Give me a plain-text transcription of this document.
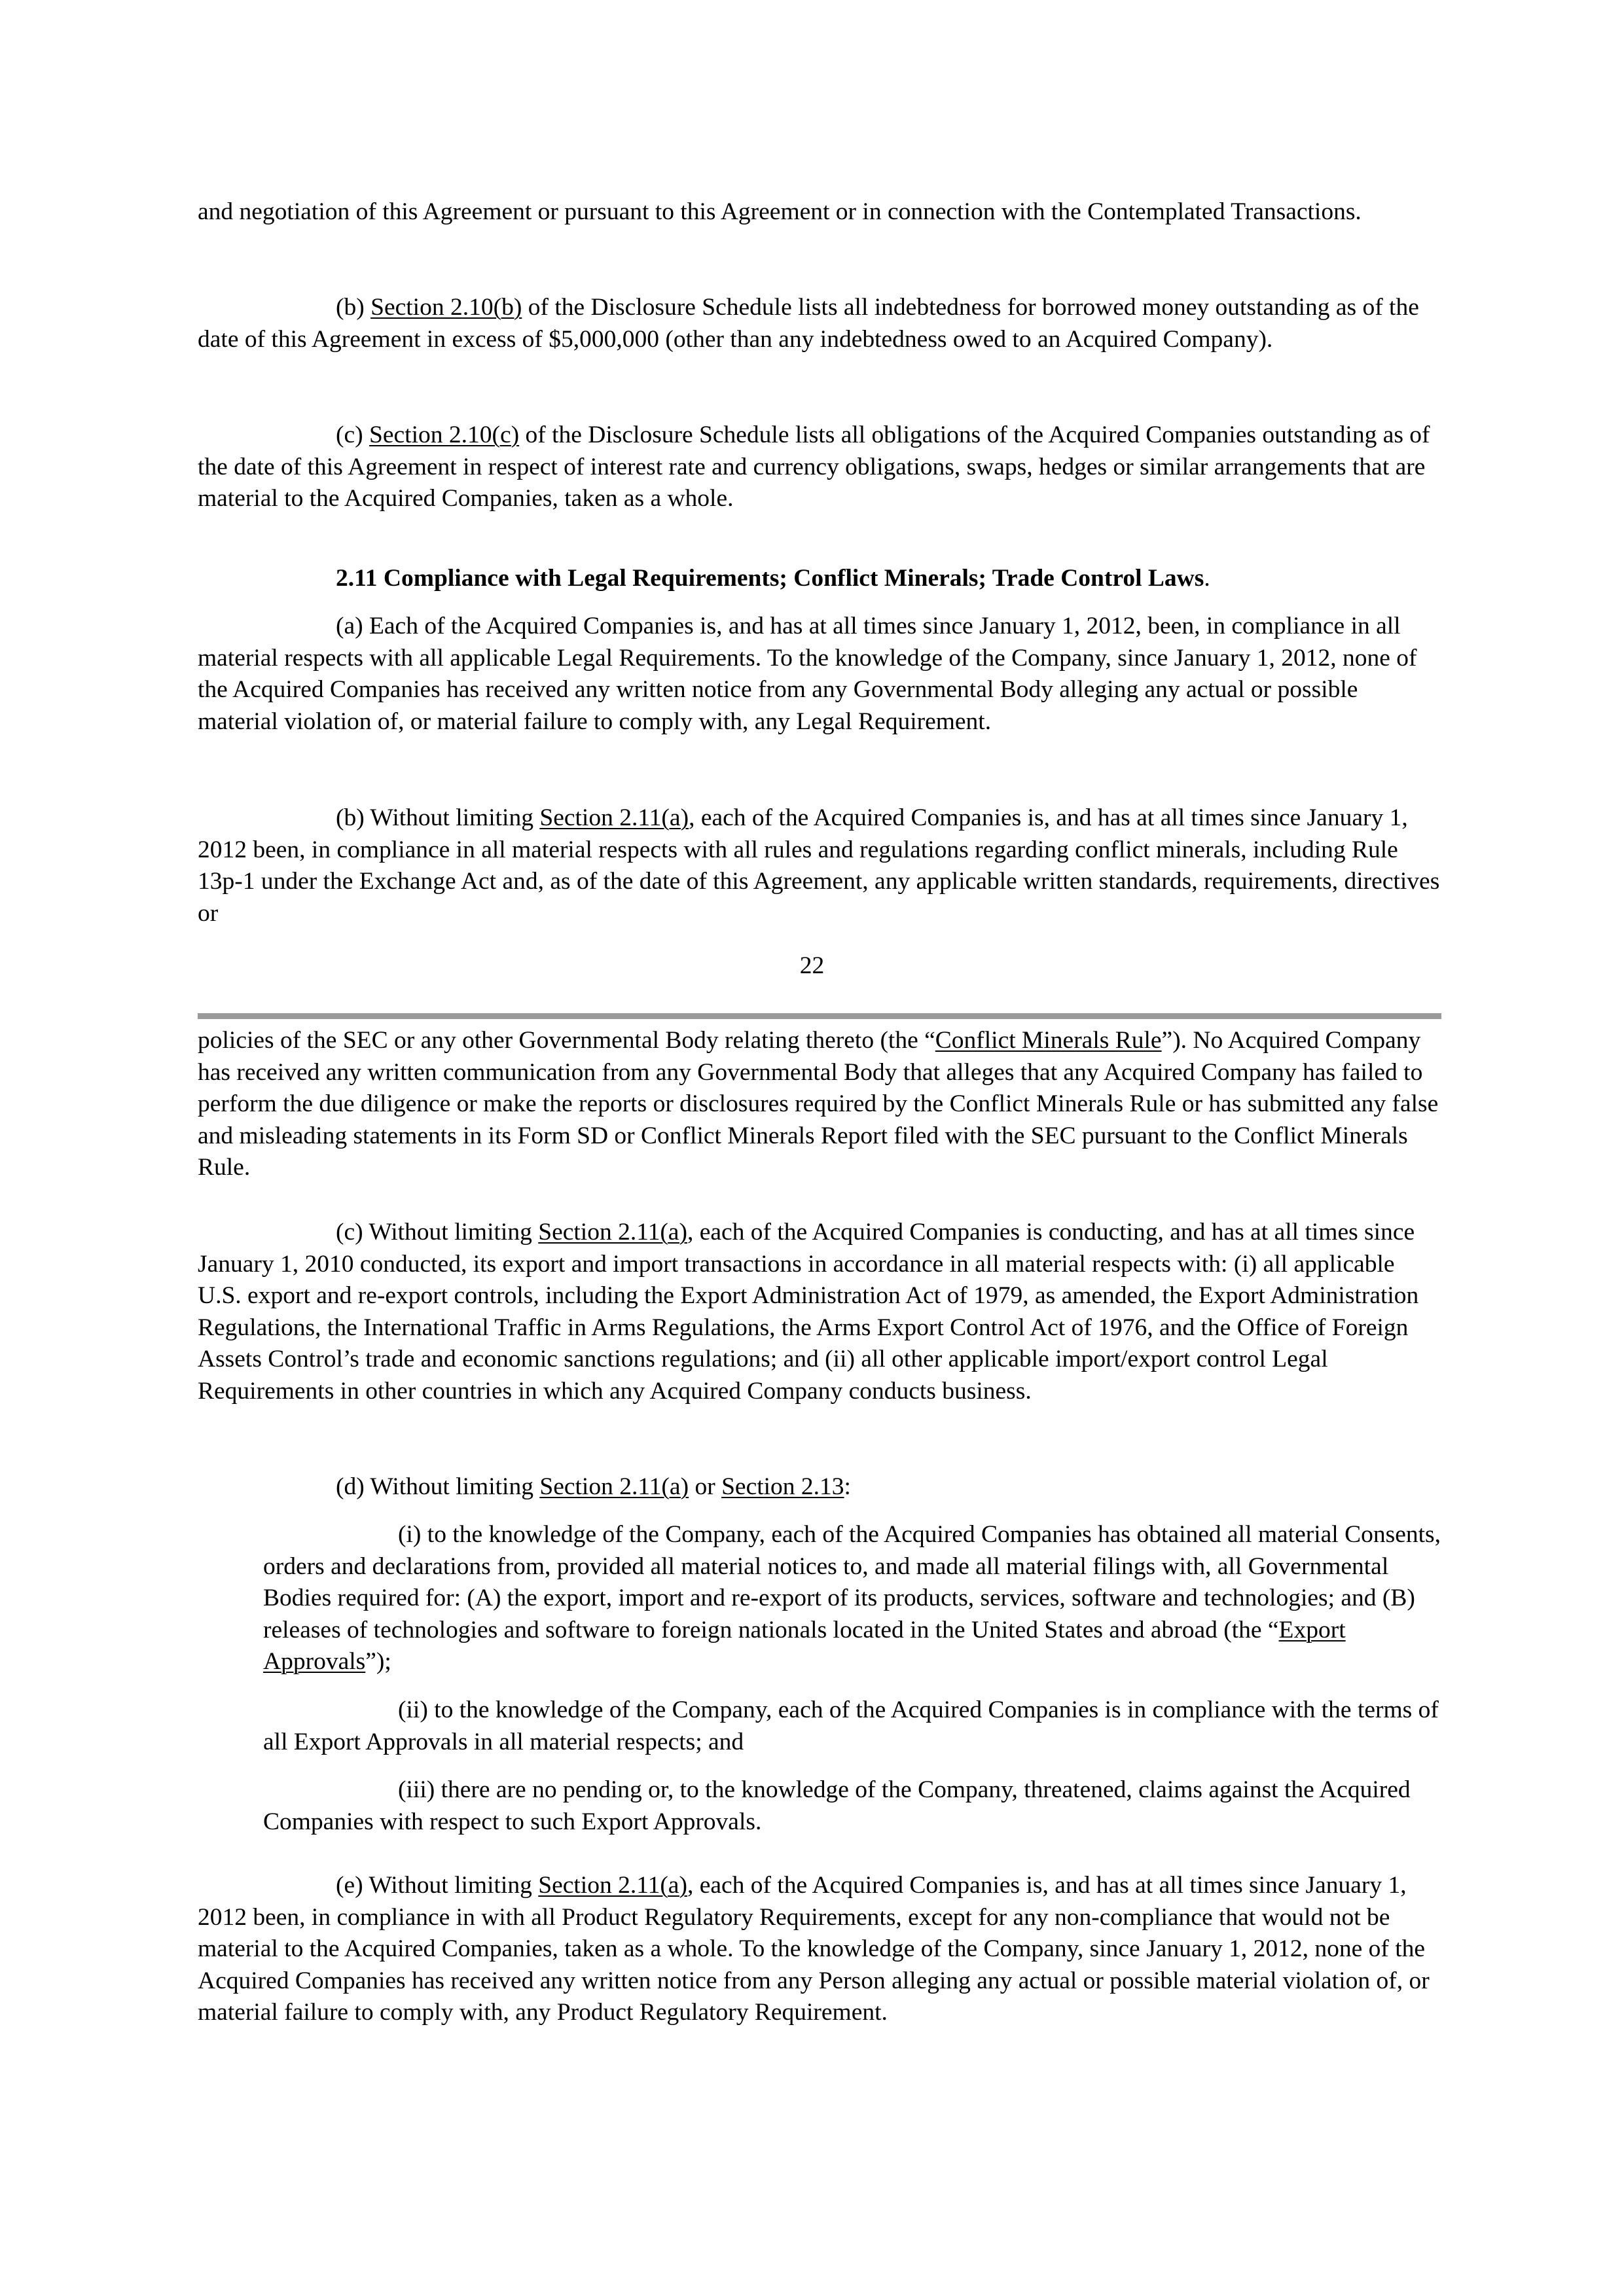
and negotiation of this Agreement or pursuant to this Agreement or in connection with the Contemplated Transactions.

(b) Section 2.10(b) of the Disclosure Schedule lists all indebtedness for borrowed money outstanding as of the date of this Agreement in excess of $5,000,000 (other than any indebtedness owed to an Acquired Company).

(c) Section 2.10(c) of the Disclosure Schedule lists all obligations of the Acquired Companies outstanding as of the date of this Agreement in respect of interest rate and currency obligations, swaps, hedges or similar arrangements that are material to the Acquired Companies, taken as a whole.

2.11 Compliance with Legal Requirements; Conflict Minerals; Trade Control Laws.

(a) Each of the Acquired Companies is, and has at all times since January 1, 2012, been, in compliance in all material respects with all applicable Legal Requirements. To the knowledge of the Company, since January 1, 2012, none of the Acquired Companies has received any written notice from any Governmental Body alleging any actual or possible material violation of, or material failure to comply with, any Legal Requirement.

(b) Without limiting Section 2.11(a), each of the Acquired Companies is, and has at all times since January 1, 2012 been, in compliance in all material respects with all rules and regulations regarding conflict minerals, including Rule 13p-1 under the Exchange Act and, as of the date of this Agreement, any applicable written standards, requirements, directives or

22

policies of the SEC or any other Governmental Body relating thereto (the “Conflict Minerals Rule”). No Acquired Company has received any written communication from any Governmental Body that alleges that any Acquired Company has failed to perform the due diligence or make the reports or disclosures required by the Conflict Minerals Rule or has submitted any false and misleading statements in its Form SD or Conflict Minerals Report filed with the SEC pursuant to the Conflict Minerals Rule.

(c) Without limiting Section 2.11(a), each of the Acquired Companies is conducting, and has at all times since January 1, 2010 conducted, its export and import transactions in accordance in all material respects with: (i) all applicable U.S. export and re-export controls, including the Export Administration Act of 1979, as amended, the Export Administration Regulations, the International Traffic in Arms Regulations, the Arms Export Control Act of 1976, and the Office of Foreign Assets Control’s trade and economic sanctions regulations; and (ii) all other applicable import/export control Legal Requirements in other countries in which any Acquired Company conducts business.

(d) Without limiting Section 2.11(a) or Section 2.13:

(i) to the knowledge of the Company, each of the Acquired Companies has obtained all material Consents, orders and declarations from, provided all material notices to, and made all material filings with, all Governmental Bodies required for: (A) the export, import and re-export of its products, services, software and technologies; and (B) releases of technologies and software to foreign nationals located in the United States and abroad (the “Export Approvals”);

(ii) to the knowledge of the Company, each of the Acquired Companies is in compliance with the terms of all Export Approvals in all material respects; and

(iii) there are no pending or, to the knowledge of the Company, threatened, claims against the Acquired Companies with respect to such Export Approvals.

(e) Without limiting Section 2.11(a), each of the Acquired Companies is, and has at all times since January 1, 2012 been, in compliance in with all Product Regulatory Requirements, except for any non-compliance that would not be material to the Acquired Companies, taken as a whole. To the knowledge of the Company, since January 1, 2012, none of the Acquired Companies has received any written notice from any Person alleging any actual or possible material violation of, or material failure to comply with, any Product Regulatory Requirement.
